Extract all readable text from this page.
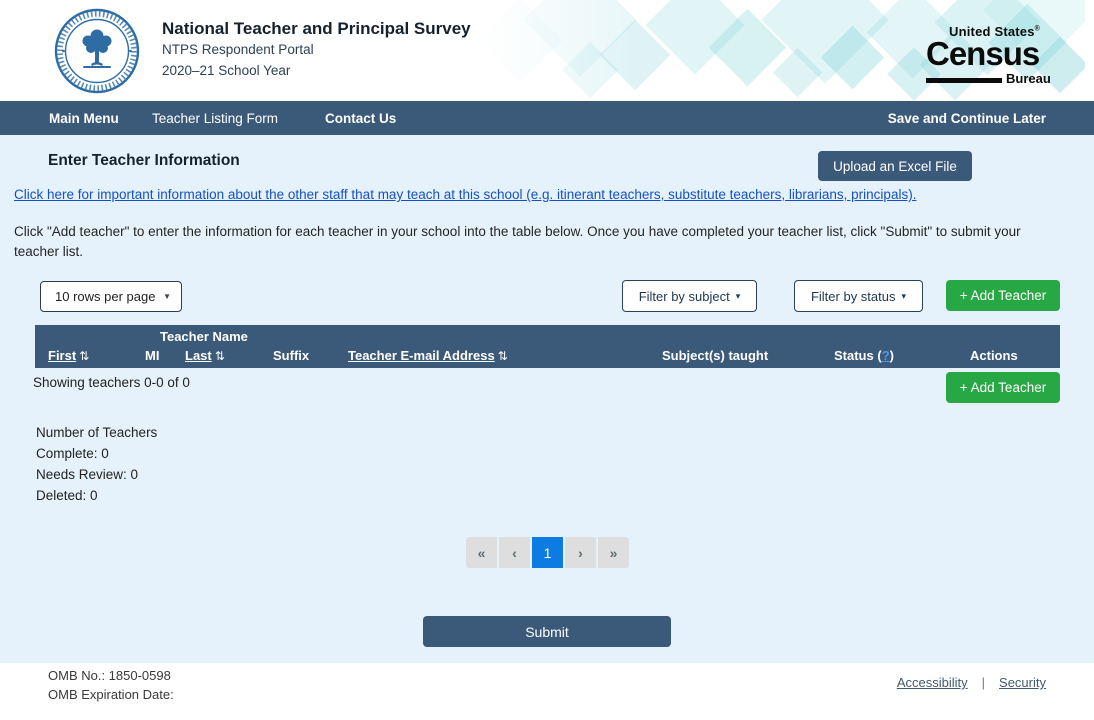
National Teacher and Principal Survey
NTPS Respondent Portal
2020–21 School Year
United States®
Census
Bureau
Main Menu Teacher Listing Form	Contact Us	Save and Continue Later
Enter Teacher Information	Upload an Excel File
Click here for important information about the other staff that may teach at this school (e.g. itinerant teachers, substitute teachers, librarians, principals).
Click "Add teacher" to enter the information for each teacher in your school into the table below. Once you have completed your teacher list, click "Submit" to submit your teacher list.
10 rows per page ▼	Filter by subject ▾	Filter by status ▾	+ Add Teacher
Teacher Name
First ⇅	MI Last ⇅	Suffix	Teacher E-mail Address ⇅	Subject(s) taught	Status (?)	Actions
Showing teachers 0-0 of 0	+ Add Teacher
Number of Teachers
Complete: 0
Needs Review: 0
Deleted: 0
«	‹	1	›	»
Submit
OMB No.: 1850-0598
OMB Expiration Date:
Accessibility | Security
